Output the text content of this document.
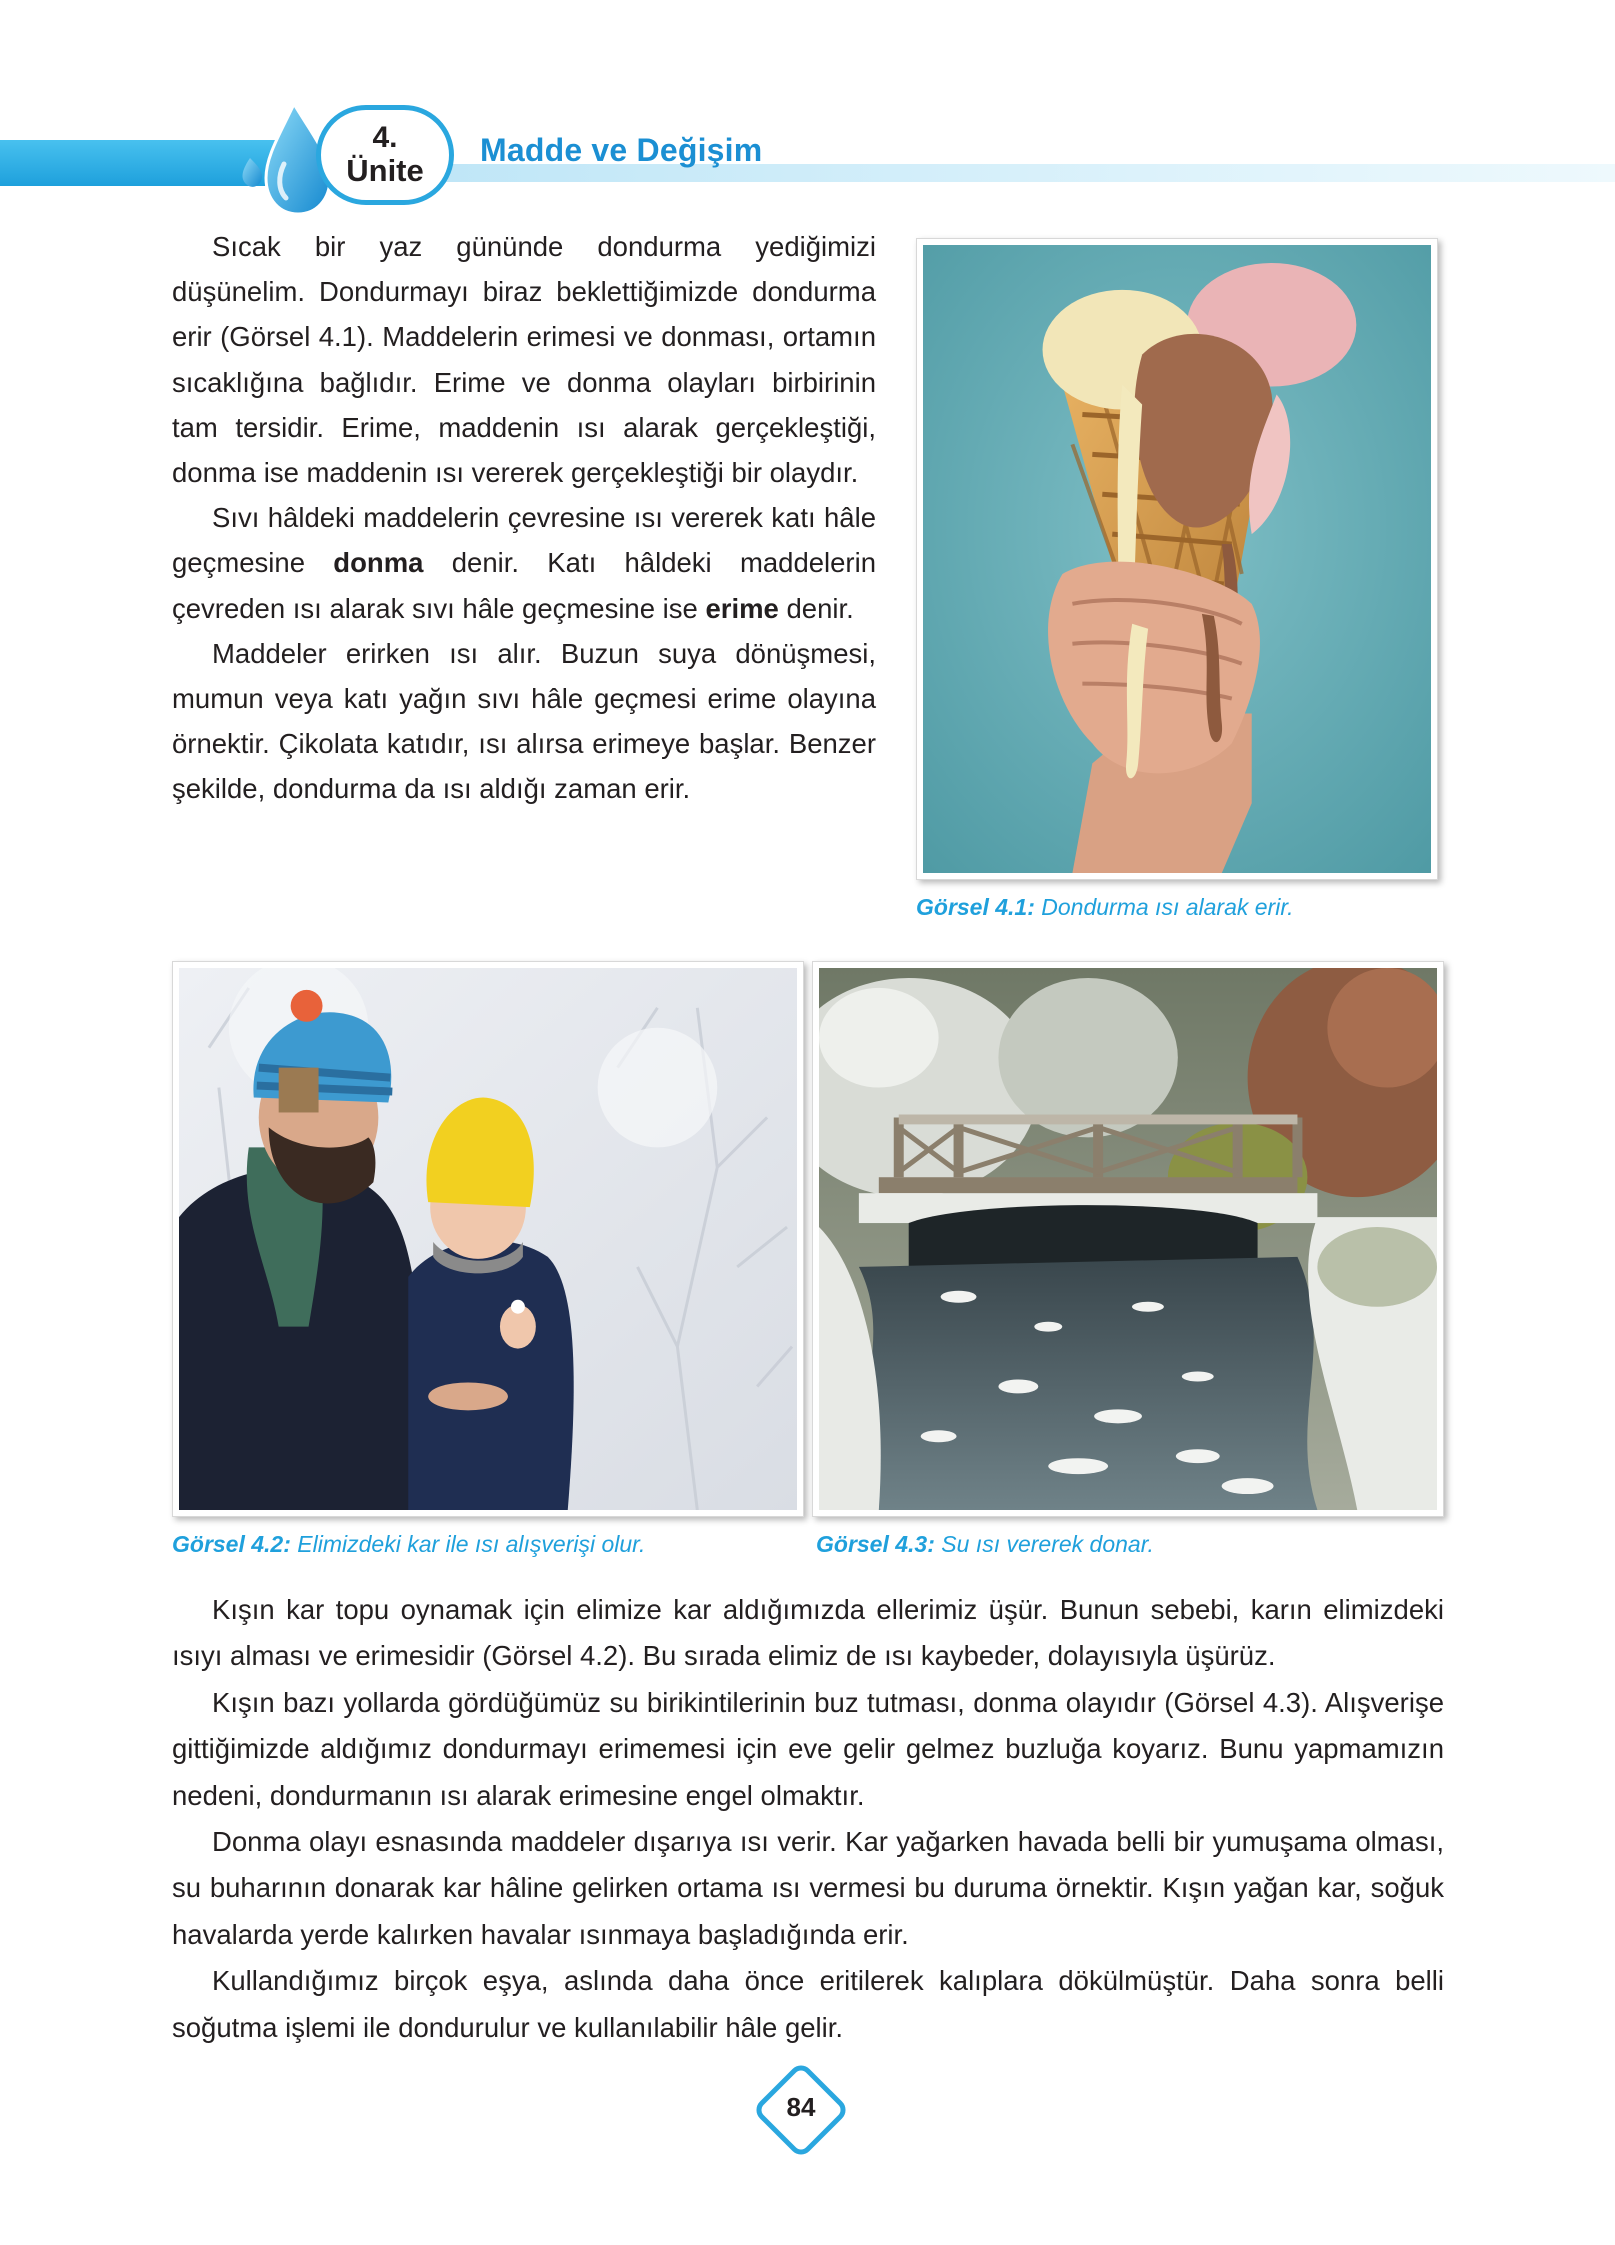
4.
Ünite
Madde ve Değişim

Sıcak bir yaz gününde dondurma yediğimizi düşünelim. Dondurmayı biraz beklettiğimizde dondurma erir (Görsel 4.1). Maddelerin erimesi ve donması, ortamın sıcaklığına bağlıdır. Erime ve donma olayları birbirinin tam tersidir. Erime, maddenin ısı alarak gerçekleştiği, donma ise maddenin ısı vererek gerçekleştiği bir olaydır.

Sıvı hâldeki maddelerin çevresine ısı vererek katı hâle geçmesine donma denir. Katı hâldeki maddelerin çevreden ısı alarak sıvı hâle geçmesine ise erime denir.

Maddeler erirken ısı alır. Buzun suya dönüşmesi, mumun veya katı yağın sıvı hâle geçmesi erime olayına örnektir. Çikolata katıdır, ısı alırsa erimeye başlar. Benzer şekilde, dondurma da ısı aldığı zaman erir.

Görsel 4.1: Dondurma ısı alarak erir.
Görsel 4.2: Elimizdeki kar ile ısı alışverişi olur.	Görsel 4.3: Su ısı vererek donar.

Kışın kar topu oynamak için elimize kar aldığımızda ellerimiz üşür. Bunun sebebi, karın elimizdeki ısıyı alması ve erimesidir (Görsel 4.2). Bu sırada elimiz de ısı kaybeder, dolayısıyla üşürüz.

Kışın bazı yollarda gördüğümüz su birikintilerinin buz tutması, donma olayıdır (Görsel 4.3). Alışverişe gittiğimizde aldığımız dondurmayı erimemesi için eve gelir gelmez buzluğa koyarız. Bunu yapmamızın nedeni, dondurmanın ısı alarak erimesine engel olmaktır.

Donma olayı esnasında maddeler dışarıya ısı verir. Kar yağarken havada belli bir yumuşama olması, su buharının donarak kar hâline gelirken ortama ısı vermesi bu duruma örnektir. Kışın yağan kar, soğuk havalarda yerde kalırken havalar ısınmaya başladığında erir.

Kullandığımız birçok eşya, aslında daha önce eritilerek kalıplara dökülmüştür. Daha sonra belli soğutma işlemi ile dondurulur ve kullanılabilir hâle gelir.

84
